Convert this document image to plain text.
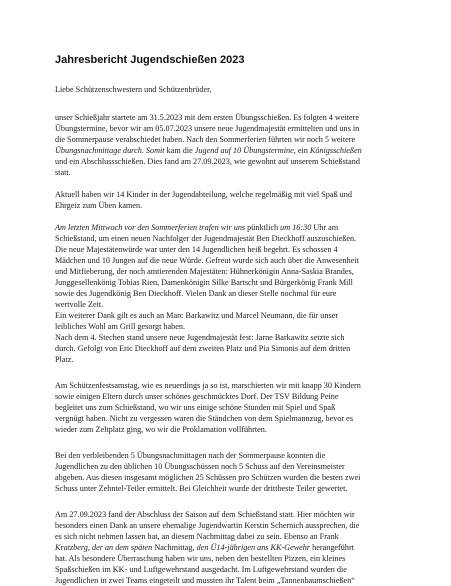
Jahresbericht Jugendschießen 2023

Liebe Schützenschwestern und Schützenbrüder,

unser Schießjahr startete am 31.5.2023 mit dem ersten Übungsschießen. Es folgten 4 weitere
Übungstermine, bevor wir am 05.07.2023 unsere neue Jugendmajestät ermittelten und uns in
die Sommerpause verabschiedet haben. Nach den Sommerferien führten wir noch 5 weitere
Übungsnachmittage durch. Somit kam die Jugend auf 10 Übungstermine, ein Königsschießen
und ein Abschlussschießen. Dies fand am 27.09.2023, wie gewohnt auf unserem Schießstand
statt.

Aktuell haben wir 14 Kinder in der Jugendabteilung, welche regelmäßig mit viel Spaß und
Ehrgeiz zum Üben kamen.

Am letzten Mittwoch vor den Sommerferien trafen wir uns pünktlich um 16:30 Uhr am
Schießstand, um einen neuen Nachfolger der Jugendmajestät Ben Dieckhoff auszuschießen.
Die neue Majestätenwürde war unter den 14 Jugendlichen heiß begehrt. Es schossen 4
Mädchen und 10 Jungen auf die neue Würde. Gefreut wurde sich auch über die Anwesenheit
und Mitfieberung, der noch amtierenden Majestäten: Hühnerkönigin Anna-Saskia Brandes,
Junggesellenkönig Tobias Rien, Damenkönigin Silke Bartscht und Bürgerkönig Frank Mill
sowie des Jugendkönig Ben Dieckhoff. Vielen Dank an dieser Stelle nochmal für eure
wertvolle Zeit.
Ein weiterer Dank gilt es auch an Marc Barkawitz und Marcel Neumann, die für unser
leibliches Wohl am Grill gesorgt haben.
Nach dem 4. Stechen stand unsere neue Jugendmajestät fest: Jarne Barkawitz setzte sich
durch. Gefolgt von Eric Dieckhoff auf dem zweiten Platz und Pia Simonis auf dem dritten
Platz.

Am Schützenfestsamstag, wie es neuerdings ja so ist, marschierten wir mit knapp 30 Kindern
sowie einigen Eltern durch unser schönes geschmücktes Dorf. Der TSV Bildung Peine
begleitet uns zum Schießstand, wo wir uns einige schöne Stunden mit Spiel und Spaß
vergnügt haben. Nicht zu vergessen waren die Ständchen von dem Spielmannzug, bevor es
wieder zum Zeltplatz ging, wo wir die Proklamation vollführten.

Bei den verbleibenden 5 Übungsnachmittagen nach der Sommerpause konnten die
Jugendlichen zu den üblichen 10 Übungsschüssen noch 5 Schuss auf den Vereinsmeister
abgeben. Aus diesen insgesamt möglichen 25 Schüssen pro Schützen wurden die besten zwei
Schuss unter Zehntel-Teiler ermittelt. Bei Gleichheit wurde der drittbeste Teiler gewertet.

Am 27.09.2023 fand der Abschluss der Saison auf dem Schießstand statt. Hier möchten wir
besonders einen Dank an unsere ehemalige Jugendwartin Kerstin Schernich aussprechen, die
es sich nicht nehmen lassen hat, an diesem Nachmittag dabei zu sein. Ebenso an Frank
Kratzberg, der an dem späten Nachmittag, den Ü14-jährigen ans KK-Gewehr herangeführt
hat. Als besondere Überraschung haben wir uns, neben den bestellten Pizzen, ein kleines
Spaßschießen im KK- und Luftgewehrstand ausgedacht. Im Luftgewehrstand wurden die
Jugendlichen in zwei Teams eingeteilt und mussten ihr Talent beim „Tannenbaumschießen“
